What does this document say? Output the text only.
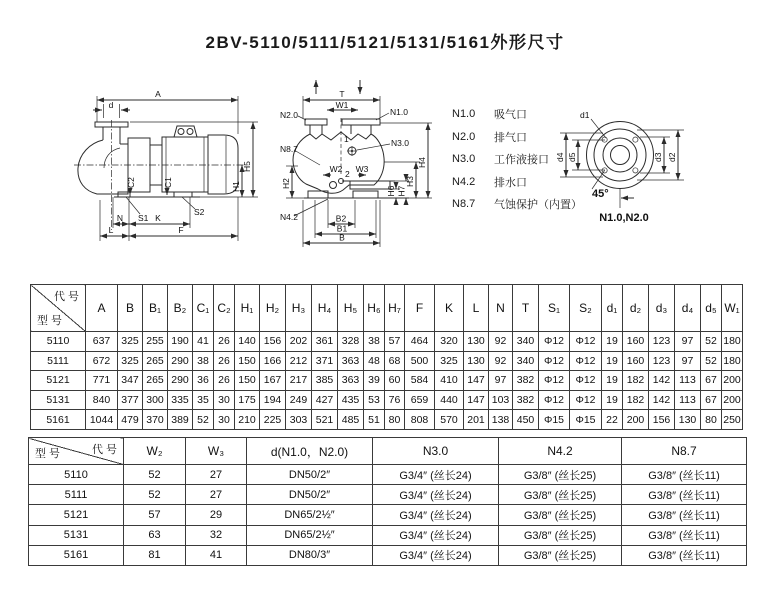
2BV-5110/5111/5121/5131/5161外形尺寸
A
d
C2	C1
S1
S2
H5
H1
N	K
L	F
T
W1
N2.0	N1.0
N8.7
N3.0
1
2
W2 W3
H2
H4
H3
H6 H7
N4.2	B2
B1
B
d1
d4 d5	d3 d2
45°
N1.0,N2.0
N1.0	吸气口
N2.0	排气口
N3.0	工作液接口
N4.2	排水口
N8.7	气蚀保护（内置）
代 号
型 号	A	B	B₁	B₂	C₁	C₂	H₁	H₂	H₃	H₄	H₅	H₆	H₇	F	K	L	N	T	S₁	S₂	d₁	d₂	d₃	d₄	d₅	W₁
5110	637	325	255	190	41	26	140	156	202	361	328	38	57	464	320	130	92	340	Φ12	Φ12	19	160	123	97	52	180
5111	672	325	265	290	38	26	150	166	212	371	363	48	68	500	325	130	92	340	Φ12	Φ12	19	160	123	97	52	180
5121	771	347	265	290	36	26	150	167	217	385	363	39	60	584	410	147	97	382	Φ12	Φ12	19	182	142	113	67	200
5131	840	377	300	335	35	30	175	194	249	427	435	53	76	659	440	147	103	382	Φ12	Φ12	19	182	142	113	67	200
5161	1044	479	370	389	52	30	210	225	303	521	485	51	80	808	570	201	138	450	Φ15	Φ15	22	200	156	130	80	250
代 号
型 号	W₂	W₃	d(N1.0，N2.0)	N3.0	N4.2	N8.7
5110	52	27	DN50/2″	G3/4″ (丝长24)	G3/8″ (丝长25)	G3/8″ (丝长11)
5111	52	27	DN50/2″	G3/4″ (丝长24)	G3/8″ (丝长25)	G3/8″ (丝长11)
5121	57	29	DN65/2½″	G3/4″ (丝长24)	G3/8″ (丝长25)	G3/8″ (丝长11)
5131	63	32	DN65/2½″	G3/4″ (丝长24)	G3/8″ (丝长25)	G3/8″ (丝长11)
5161	81	41	DN80/3″	G3/4″ (丝长24)	G3/8″ (丝长25)	G3/8″ (丝长11)
